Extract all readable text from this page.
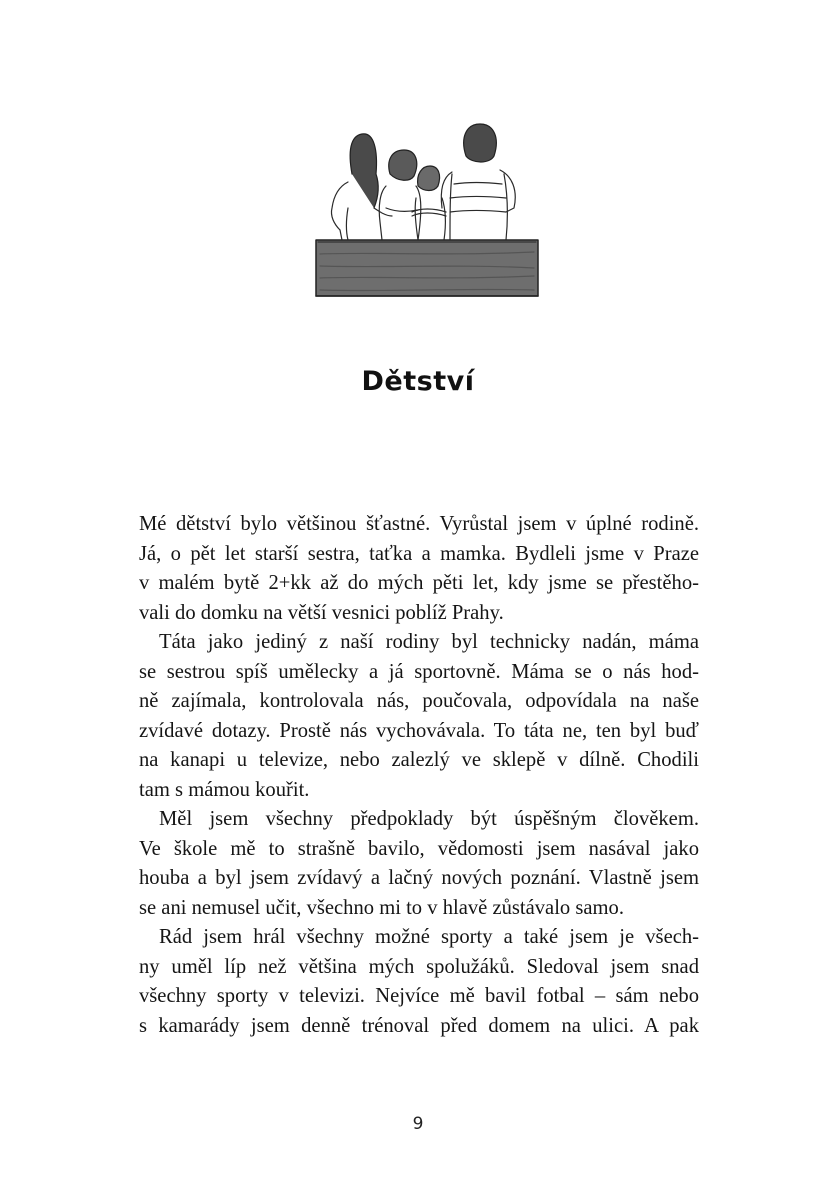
Dětství

Mé dětství bylo většinou šťastné. Vyrůstal jsem v úplné rodině.
Já, o pět let starší sestra, taťka a mamka. Bydleli jsme v Praze
v malém bytě 2+kk až do mých pěti let, kdy jsme se přestěho-
vali do domku na větší vesnici poblíž Prahy.

Táta jako jediný z naší rodiny byl technicky nadán, máma
se sestrou spíš umělecky a já sportovně. Máma se o nás hod-
ně zajímala, kontrolovala nás, poučovala, odpovídala na naše
zvídavé dotazy. Prostě nás vychovávala. To táta ne, ten byl buď
na kanapi u televize, nebo zalezlý ve sklepě v dílně. Chodili
tam s mámou kouřit.

Měl jsem všechny předpoklady být úspěšným člověkem.
Ve škole mě to strašně bavilo, vědomosti jsem nasával jako
houba a byl jsem zvídavý a lačný nových poznání. Vlastně jsem
se ani nemusel učit, všechno mi to v hlavě zůstávalo samo.

Rád jsem hrál všechny možné sporty a také jsem je všech-
ny uměl líp než většina mých spolužáků. Sledoval jsem snad
všechny sporty v televizi. Nejvíce mě bavil fotbal – sám nebo
s kamarády jsem denně trénoval před domem na ulici. A pak

9
